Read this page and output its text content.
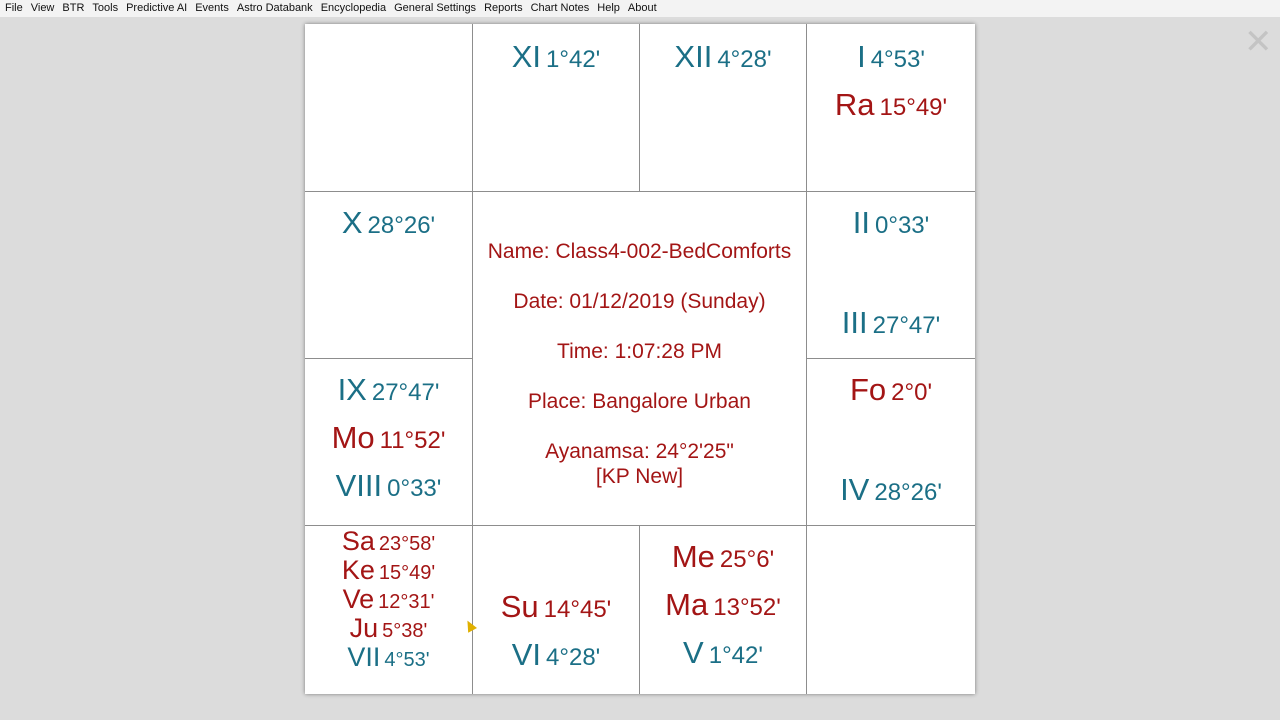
File View BTR Tools Predictive AI Events Astro Databank Encyclopedia General Settings Reports Chart Notes Help About
✕
XI 1°42' XII 4°28'	I 4°53'
Ra 15°49'
X 28°26'	II 0°33'
III 27°47'
Name: Class4-002-BedComforts
Date: 01/12/2019 (Sunday)
Time: 1:07:28 PM
Place: Bangalore Urban
Ayanamsa: 24°2'25"
[KP New]
IX 27°47'
Mo 11°52'
VIII 0°33'
Fo 2°0'
IV 28°26'
Sa 23°58'
Ke 15°49'
Ve 12°31'
Ju 5°38'
VII 4°53'
Su 14°45'
VI 4°28'
Me 25°6'
Ma 13°52'
V 1°42'
